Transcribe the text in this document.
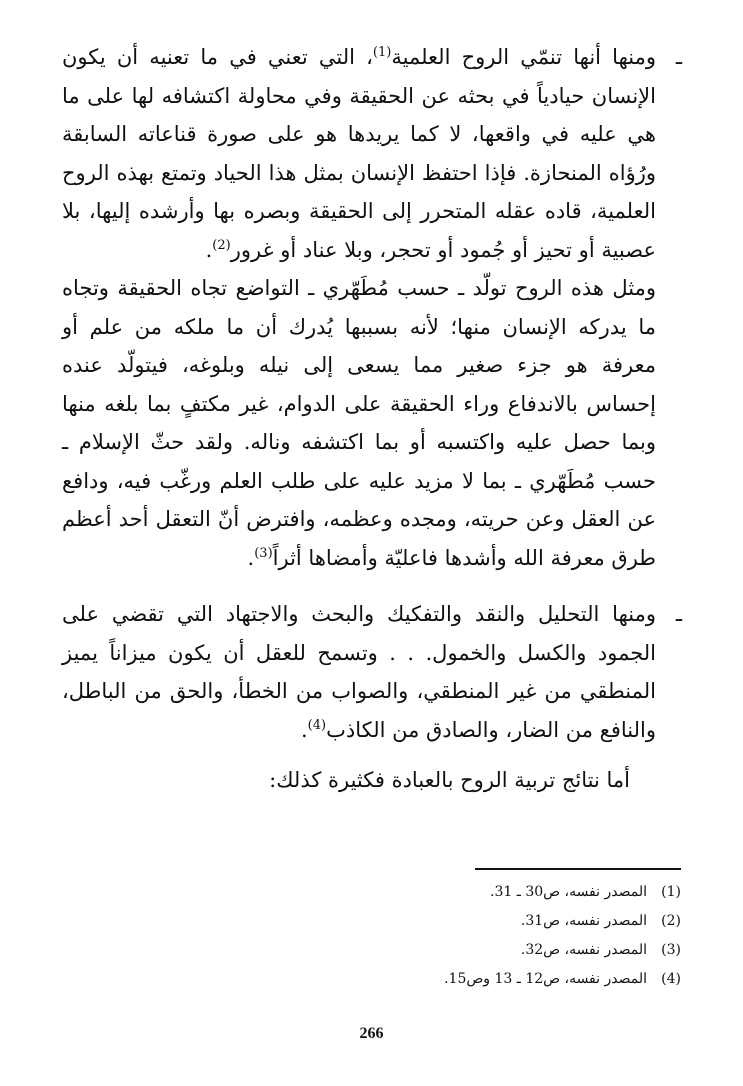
ـ
ومنها أنها تنمّي الروح العلمية$^{(1)}$، التي تعني في ما تعنيه أن يكون الإنسان حيادياً في بحثه عن الحقيقة وفي محاولة اكتشافه لها على ما هي عليه في واقعها، لا كما يريدها هو على صورة قناعاته السابقة ورُؤاه المنحازة. فإذا احتفظ الإنسان بمثل هذا الحياد وتمتع بهذه الروح العلمية، قاده عقله المتحرر إلى الحقيقة وبصره بها وأرشده إليها، بلا عصبية أو تحيز أو جُمود أو تحجر، وبلا عناد أو غرور$^{(2)}$.

ومثل هذه الروح تولّد ـ حسب مُطَهّري ـ التواضع تجاه الحقيقة وتجاه ما يدركه الإنسان منها؛ لأنه بسببها يُدرك أن ما ملكه من علم أو معرفة هو جزء صغير مما يسعى إلى نيله وبلوغه، فيتولّد عنده إحساس بالاندفاع وراء الحقيقة على الدوام، غير مكتفٍ بما بلغه منها وبما حصل عليه واكتسبه أو بما اكتشفه وناله. ولقد حثّ الإسلام ـ حسب مُطَهّري ـ بما لا مزيد عليه على طلب العلم ورغّب فيه، ودافع عن العقل وعن حريته، ومجده وعظمه، وافترض أنّ التعقل أحد أعظم طرق معرفة الله وأشدها فاعليّة وأمضاها أثراً$^{(3)}$.

ـ
ومنها التحليل والنقد والتفكيك والبحث والاجتهاد التي تقضي على الجمود والكسل والخمول. . . وتسمح للعقل أن يكون ميزاناً يميز المنطقي من غير المنطقي، والصواب من الخطأ، والحق من الباطل، والنافع من الضار، والصادق من الكاذب$^{(4)}$.

أما نتائج تربية الروح بالعبادة فكثيرة كذلك:

(1)المصدر نفسه، ص30 ـ 31.
(2)المصدر نفسه، ص31.
(3)المصدر نفسه، ص32.
(4)المصدر نفسه، ص12 ـ 13 وص15.
266
